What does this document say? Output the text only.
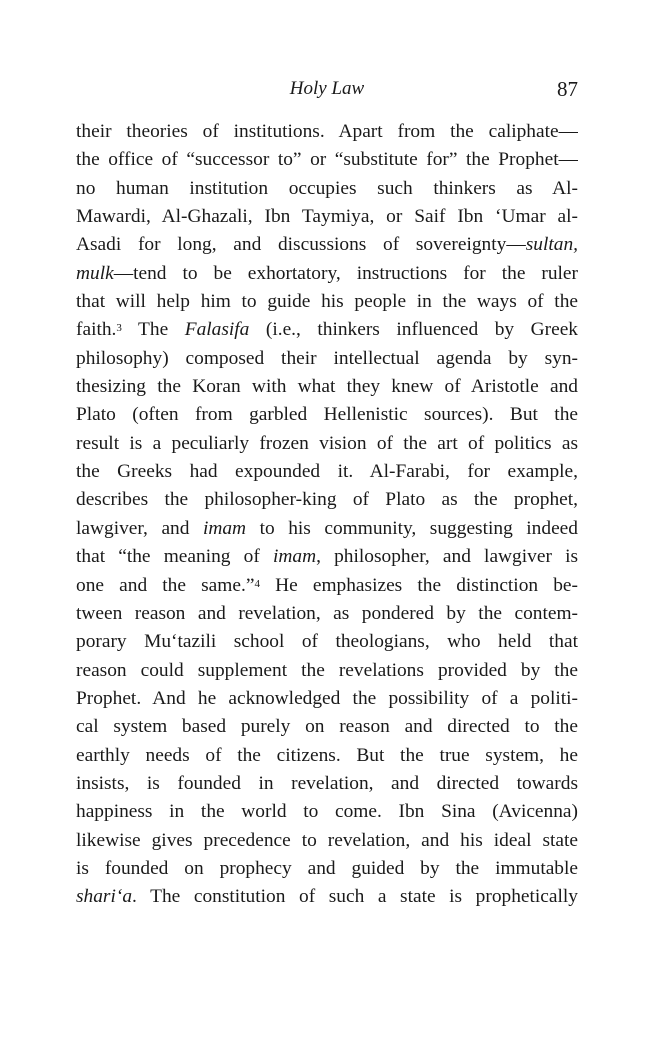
Holy Law	87
their theories of institutions. Apart from the caliphate—
the office of “successor to” or “substitute for” the Prophet—
no human institution occupies such thinkers as Al-
Mawardi, Al-Ghazali, Ibn Taymiya, or Saif Ibn ‘Umar al-
Asadi for long, and discussions of sovereignty—sultan,
mulk—tend to be exhortatory, instructions for the ruler
that will help him to guide his people in the ways of the
faith.$^3$ The Falasifa (i.e., thinkers influenced by Greek
philosophy) composed their intellectual agenda by syn-
thesizing the Koran with what they knew of Aristotle and
Plato (often from garbled Hellenistic sources). But the
result is a peculiarly frozen vision of the art of politics as
the Greeks had expounded it. Al-Farabi, for example,
describes the philosopher-king of Plato as the prophet,
lawgiver, and imam to his community, suggesting indeed
that “the meaning of imam, philosopher, and lawgiver is
one and the same.”$^4$ He emphasizes the distinction be-
tween reason and revelation, as pondered by the contem-
porary Mu‘tazili school of theologians, who held that
reason could supplement the revelations provided by the
Prophet. And he acknowledged the possibility of a politi-
cal system based purely on reason and directed to the
earthly needs of the citizens. But the true system, he
insists, is founded in revelation, and directed towards
happiness in the world to come. Ibn Sina (Avicenna)
likewise gives precedence to revelation, and his ideal state
is founded on prophecy and guided by the immutable
shari‘a. The constitution of such a state is prophetically
